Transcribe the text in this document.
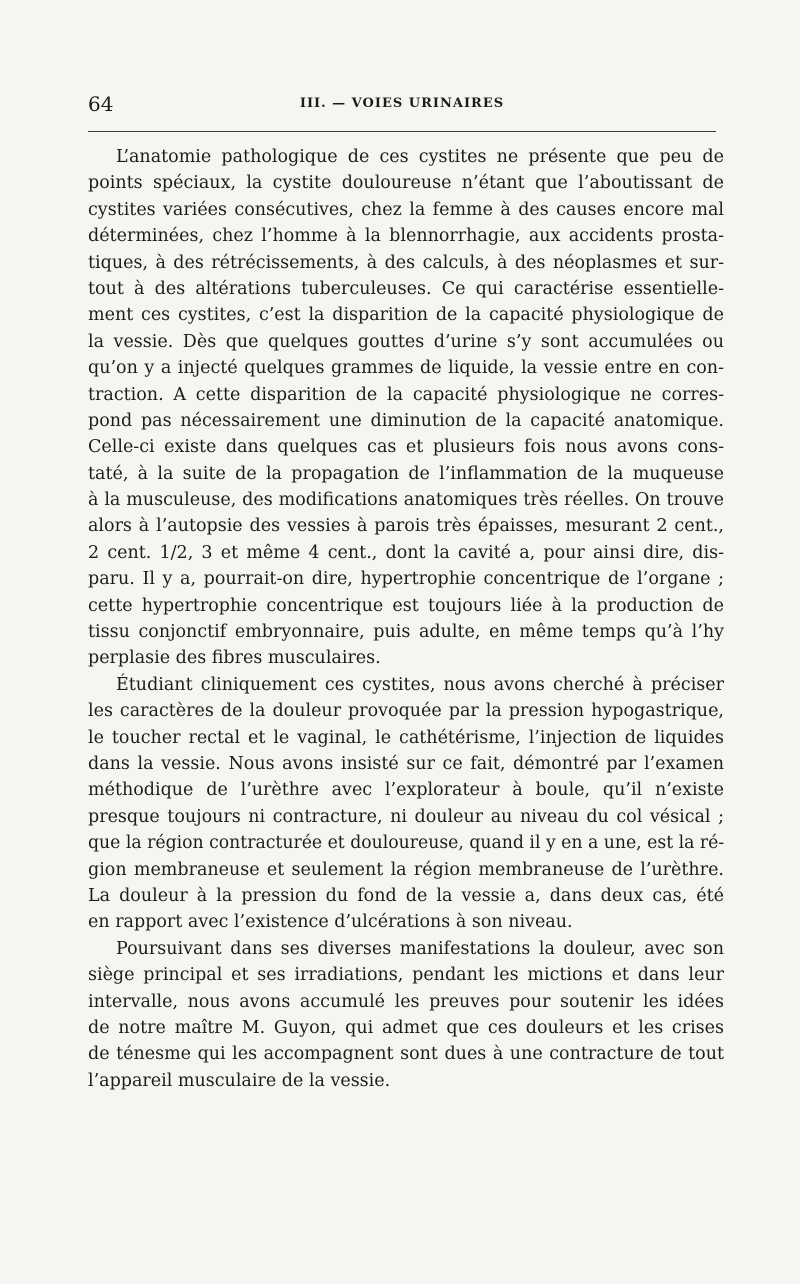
64	III. — VOIES URINAIRES
L’anatomie pathologique de ces cystites ne présente que peu de
points spéciaux, la cystite douloureuse n’étant que l’aboutissant de
cystites variées consécutives, chez la femme à des causes encore mal
déterminées, chez l’homme à la blennorrhagie, aux accidents prosta-
tiques, à des rétrécissements, à des calculs, à des néoplasmes et sur-
tout à des altérations tuberculeuses. Ce qui caractérise essentielle-
ment ces cystites, c’est la disparition de la capacité physiologique de
la vessie. Dès que quelques gouttes d’urine s’y sont accumulées ou
qu’on y a injecté quelques grammes de liquide, la vessie entre en con-
traction. A cette disparition de la capacité physiologique ne corres-
pond pas nécessairement une diminution de la capacité anatomique.
Celle-ci existe dans quelques cas et plusieurs fois nous avons cons-
taté, à la suite de la propagation de l’inflammation de la muqueuse
à la musculeuse, des modifications anatomiques très réelles. On trouve
alors à l’autopsie des vessies à parois très épaisses, mesurant 2 cent.,
2 cent. 1/2, 3 et même 4 cent., dont la cavité a, pour ainsi dire, dis-
paru. Il y a, pourrait-on dire, hypertrophie concentrique de l’organe ;
cette hypertrophie concentrique est toujours liée à la production de
tissu conjonctif embryonnaire, puis adulte, en même temps qu’à l’hy
perplasie des fibres musculaires.
Étudiant cliniquement ces cystites, nous avons cherché à préciser
les caractères de la douleur provoquée par la pression hypogastrique,
le toucher rectal et le vaginal, le cathétérisme, l’injection de liquides
dans la vessie. Nous avons insisté sur ce fait, démontré par l’examen
méthodique de l’urèthre avec l’explorateur à boule, qu’il n’existe
presque toujours ni contracture, ni douleur au niveau du col vésical ;
que la région contracturée et douloureuse, quand il y en a une, est la ré-
gion membraneuse et seulement la région membraneuse de l’urèthre.
La douleur à la pression du fond de la vessie a, dans deux cas, été
en rapport avec l’existence d’ulcérations à son niveau.
Poursuivant dans ses diverses manifestations la douleur, avec son
siège principal et ses irradiations, pendant les mictions et dans leur
intervalle, nous avons accumulé les preuves pour soutenir les idées
de notre maître M. Guyon, qui admet que ces douleurs et les crises
de ténesme qui les accompagnent sont dues à une contracture de tout
l’appareil musculaire de la vessie.
